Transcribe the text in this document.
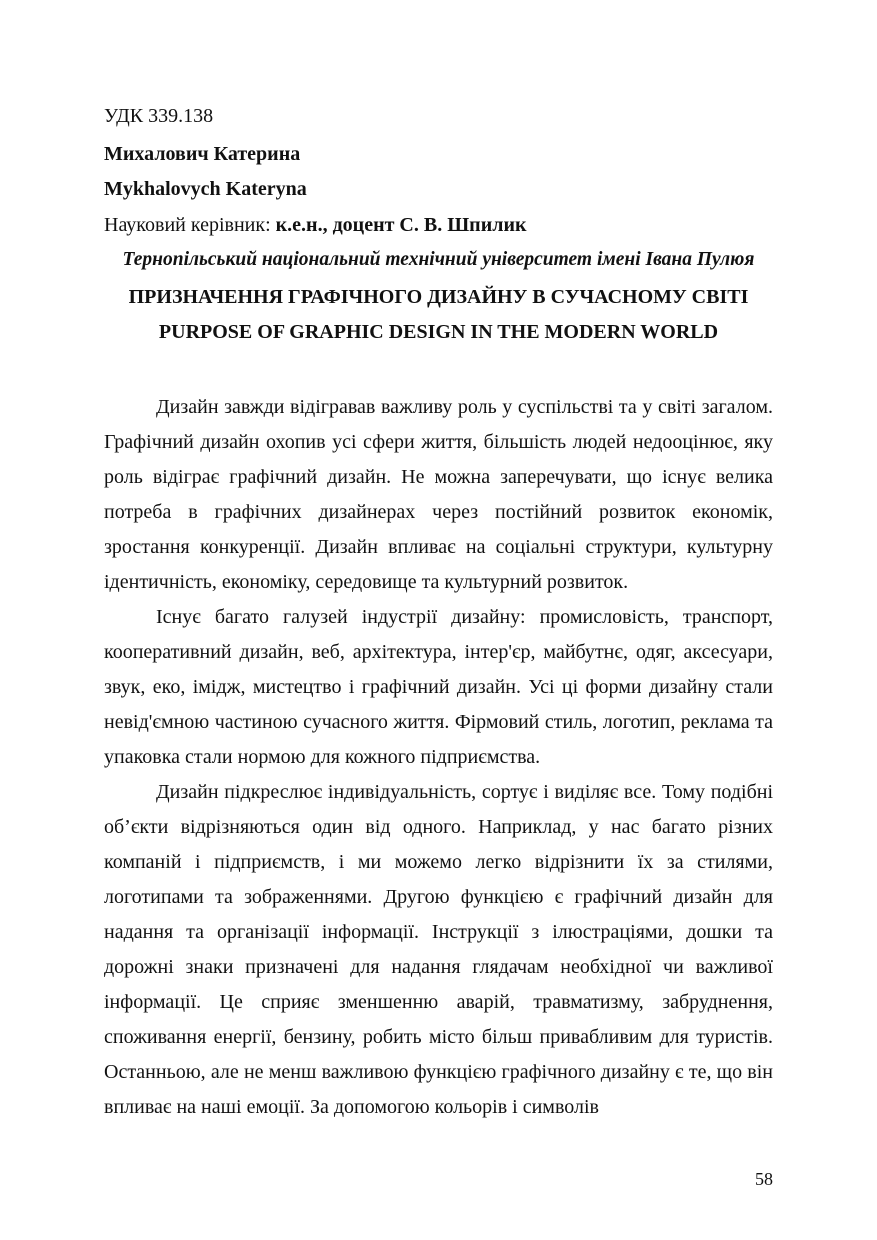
УДК 339.138
Михалович Катерина
Mykhalovych Kateryna
Науковий керівник: к.е.н., доцент С. В. Шпилик
Тернопільський національний технічний університет імені Івана Пулюя
ПРИЗНАЧЕННЯ ГРАФІЧНОГО ДИЗАЙНУ В СУЧАСНОМУ СВІТІ
PURPOSE OF GRAPHIC DESIGN IN THE MODERN WORLD

Дизайн завжди відігравав важливу роль у суспільстві та у світі загалом. Графічний дизайн охопив усі сфери життя, більшість людей недооцінює, яку роль відіграє графічний дизайн. Не можна заперечувати, що існує велика потреба в графічних дизайнерах через постійний розвиток економік, зростання конкуренції. Дизайн впливає на соціальні структури, культурну ідентичність, економіку, середовище та культурний розвиток.

Існує багато галузей індустрії дизайну: промисловість, транспорт, кооперативний дизайн, веб, архітектура, інтер'єр, майбутнє, одяг, аксесуари, звук, еко, імідж, мистецтво і графічний дизайн. Усі ці форми дизайну стали невід'ємною частиною сучасного життя. Фірмовий стиль, логотип, реклама та упаковка стали нормою для кожного підприємства.

Дизайн підкреслює індивідуальність, сортує і виділяє все. Тому подібні об’єкти відрізняються один від одного. Наприклад, у нас багато різних компаній і підприємств, і ми можемо легко відрізнити їх за стилями, логотипами та зображеннями. Другою функцією є графічний дизайн для надання та організації інформації. Інструкції з ілюстраціями, дошки та дорожні знаки призначені для надання глядачам необхідної чи важливої інформації. Це сприяє зменшенню аварій, травматизму, забруднення, споживання енергії, бензину, робить місто більш привабливим для туристів. Останньою, але не менш важливою функцією графічного дизайну є те, що він впливає на наші емоції. За допомогою кольорів і символів

58
